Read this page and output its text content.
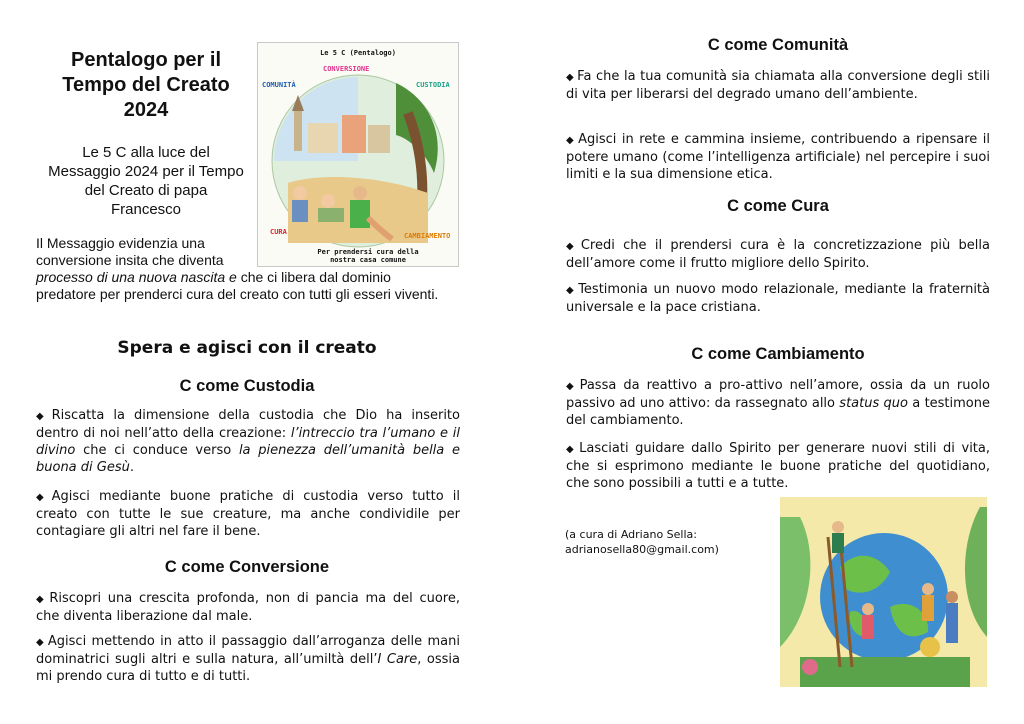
Pentalogo per il
Tempo del Creato
2024
Le 5 C alla luce del
Messaggio 2024 per il Tempo
del Creato di papa
Francesco
Le 5 C (Pentalogo)
CONVERSIONE
COMUNITÀ	CUSTODIA
CURA	CAMBIAMENTO
Per prendersi cura della
nostra casa comune
Il Messaggio evidenzia una
conversione insita che diventa
processo di una nuova nascita e che ci libera dal dominio predatore per prenderci cura del creato con tutti gli esseri viventi.
Spera e agisci con il creato
C come Custodia
◆ Riscatta la dimensione della custodia che Dio ha inserito dentro di noi nell’atto della creazione: l’intreccio tra l’umano e il divino che ci conduce verso la pienezza dell’umanità bella e buona di Gesù.
◆ Agisci mediante buone pratiche di custodia verso tutto il creato con tutte le sue creature, ma anche condividile per contagiare gli altri nel fare il bene.
C come Conversione
◆ Riscopri una crescita profonda, non di pancia ma del cuore, che diventa liberazione dal male.
◆ Agisci mettendo in atto il passaggio dall’arroganza delle mani dominatrici sugli altri e sulla natura, all’umiltà dell’I Care, ossia mi prendo cura di tutto e di tutti.
C come Comunità
◆ Fa che la tua comunità sia chiamata alla conversione degli stili di vita per liberarsi del degrado umano dell’ambiente.
◆ Agisci in rete e cammina insieme, contribuendo a ripensare il potere umano (come l’intelligenza artificiale) nel percepire i suoi limiti e la sua dimensione etica.
C come Cura
◆ Credi che il prendersi cura è la concretizzazione più bella dell’amore come il frutto migliore dello Spirito.
◆ Testimonia un nuovo modo relazionale, mediante la fraternità universale e la pace cristiana.
C come Cambiamento
◆ Passa da reattivo a pro-attivo nell’amore, ossia da un ruolo passivo ad uno attivo: da rassegnato allo status quo a testimone del cambiamento.
◆ Lasciati guidare dallo Spirito per generare nuovi stili di vita, che si esprimono mediante le buone pratiche del quotidiano, che sono possibili a tutti e a tutte.
(a cura di Adriano Sella:
adrianosella80@gmail.com)
